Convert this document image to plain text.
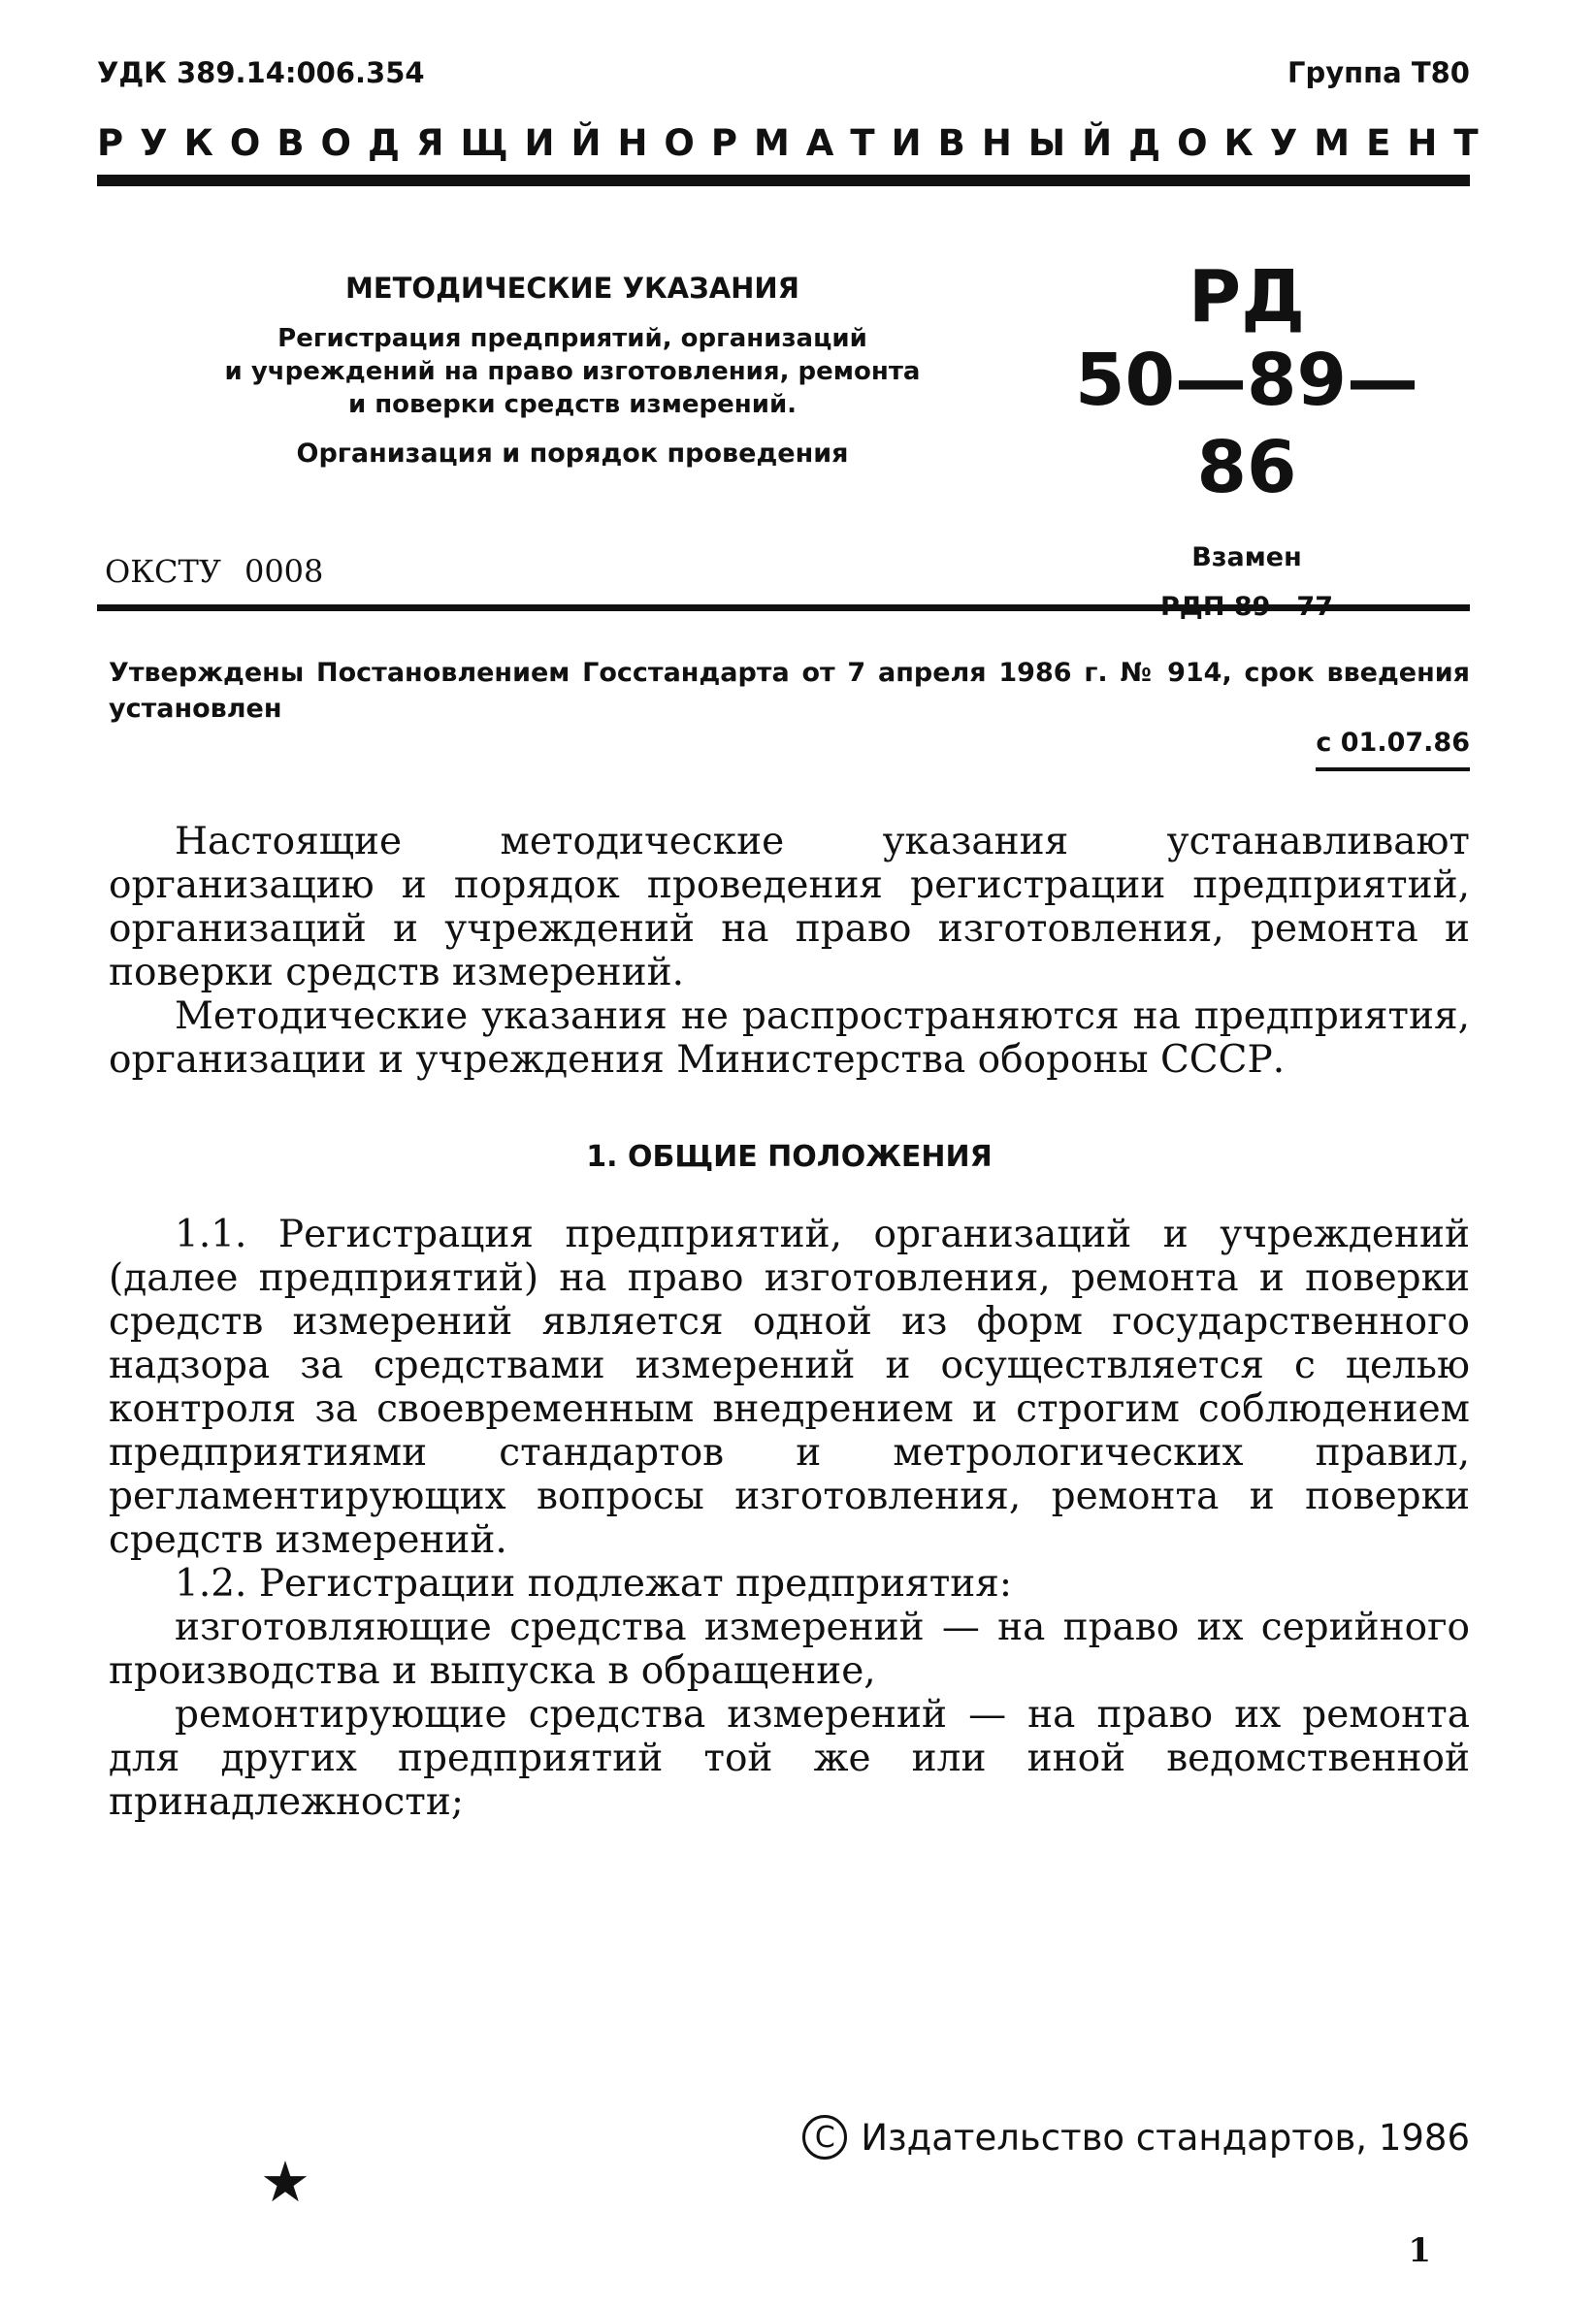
УДК 389.14:006.354	Группа Т80
РУКОВОДЯЩИЙ НОРМАТИВНЫЙ ДОКУМЕНТ
МЕТОДИЧЕСКИЕ УКАЗАНИЯ
Регистрация предприятий, организаций
и учреждений на право изготовления, ремонта
и поверки средств измерений.
Организация и порядок проведения
РД
50—89—86
Взамен
ОКСТУ 0008
Утверждены Постановлением Госстандарта от 7 апреля 1986 г. № 914, срок введения установлен
с 01.07.86

Настоящие методические указания устанавливают организацию и порядок проведения регистрации предприятий, организаций и учреждений на право изготовления, ремонта и поверки средств измерений.

Методические указания не распространяются на предприятия, организации и учреждения Министерства обороны СССР.

1. ОБЩИЕ ПОЛОЖЕНИЯ

1.1. Регистрация предприятий, организаций и учреждений (далее предприятий) на право изготовления, ремонта и поверки средств измерений является одной из форм государственного надзора за средствами измерений и осуществляется с целью контроля за своевременным внедрением и строгим соблюдением предприятиями стандартов и метрологических правил, регламентирующих вопросы изготовления, ремонта и поверки средств измерений.

1.2. Регистрации подлежат предприятия:

изготовляющие средства измерений — на право их серийного производства и выпуска в обращение,

ремонтирующие средства измерений — на право их ремонта для других предприятий той же или иной ведомственной принадлежности;

C Издательство стандартов, 1986
★
1
